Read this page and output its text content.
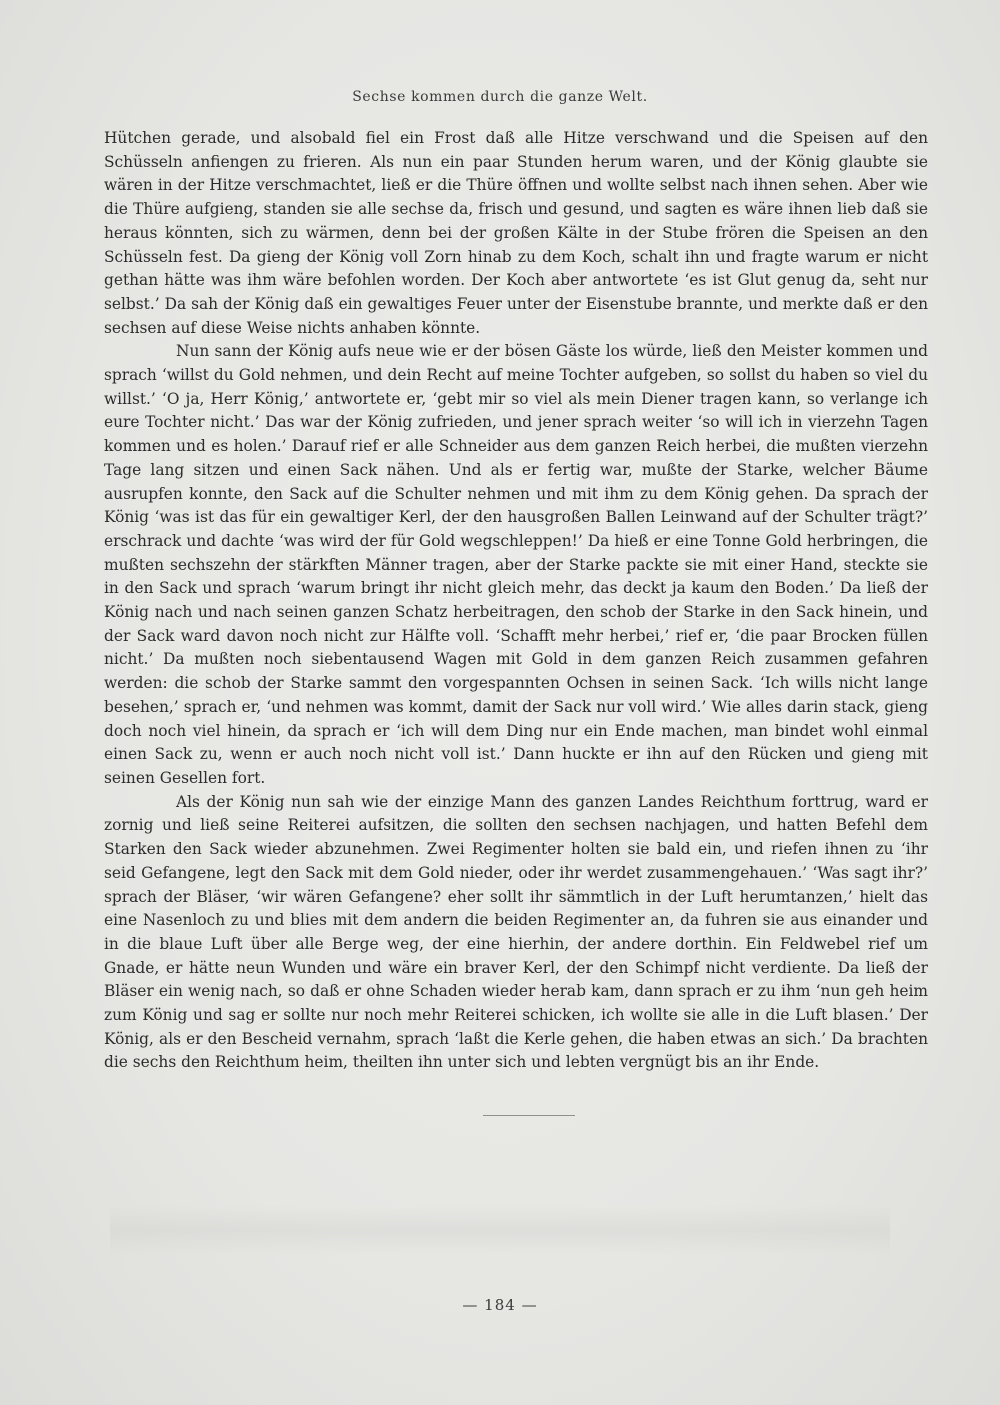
Sechse kommen durch die ganze Welt.

Hütchen gerade, und alsobald fiel ein Frost daß alle Hitze verschwand und die Speisen auf den Schüsseln anfiengen zu frieren. Als nun ein paar Stunden herum waren, und der König glaubte sie wären in der Hitze verschmachtet, ließ er die Thüre öffnen und wollte selbst nach ihnen sehen. Aber wie die Thüre aufgieng, standen sie alle sechse da, frisch und gesund, und sagten es wäre ihnen lieb daß sie heraus könnten, sich zu wärmen, denn bei der großen Kälte in der Stube frören die Speisen an den Schüsseln fest. Da gieng der König voll Zorn hinab zu dem Koch, schalt ihn und fragte warum er nicht gethan hätte was ihm wäre befohlen worden. Der Koch aber antwortete ‘es ist Glut genug da, seht nur selbst.’ Da sah der König daß ein gewaltiges Feuer unter der Eisenstube brannte, und merkte daß er den sechsen auf diese Weise nichts anhaben könnte.

Nun sann der König aufs neue wie er der bösen Gäste los würde, ließ den Meister kommen und sprach ‘willst du Gold nehmen, und dein Recht auf meine Tochter aufgeben, so sollst du haben so viel du willst.’ ‘O ja, Herr König,’ antwortete er, ‘gebt mir so viel als mein Diener tragen kann, so verlange ich eure Tochter nicht.’ Das war der König zufrieden, und jener sprach weiter ‘so will ich in vierzehn Tagen kommen und es holen.’ Darauf rief er alle Schneider aus dem ganzen Reich herbei, die mußten vierzehn Tage lang sitzen und einen Sack nähen. Und als er fertig war, mußte der Starke, welcher Bäume ausrupfen konnte, den Sack auf die Schulter nehmen und mit ihm zu dem König gehen. Da sprach der König ‘was ist das für ein gewaltiger Kerl, der den hausgroßen Ballen Leinwand auf der Schulter trägt?’ erschrack und dachte ‘was wird der für Gold wegschleppen!’ Da hieß er eine Tonne Gold herbringen, die mußten sechszehn der stärkften Männer tragen, aber der Starke packte sie mit einer Hand, steckte sie in den Sack und sprach ‘warum bringt ihr nicht gleich mehr, das deckt ja kaum den Boden.’ Da ließ der König nach und nach seinen ganzen Schatz herbeitragen, den schob der Starke in den Sack hinein, und der Sack ward davon noch nicht zur Hälfte voll. ‘Schafft mehr herbei,’ rief er, ‘die paar Brocken füllen nicht.’ Da mußten noch siebentausend Wagen mit Gold in dem ganzen Reich zusammen gefahren werden: die schob der Starke sammt den vorgespannten Ochsen in seinen Sack. ‘Ich wills nicht lange besehen,’ sprach er, ‘und nehmen was kommt, damit der Sack nur voll wird.’ Wie alles darin stack, gieng doch noch viel hinein, da sprach er ‘ich will dem Ding nur ein Ende machen, man bindet wohl einmal einen Sack zu, wenn er auch noch nicht voll ist.’ Dann huckte er ihn auf den Rücken und gieng mit seinen Gesellen fort.

Als der König nun sah wie der einzige Mann des ganzen Landes Reichthum forttrug, ward er zornig und ließ seine Reiterei aufsitzen, die sollten den sechsen nachjagen, und hatten Befehl dem Starken den Sack wieder abzunehmen. Zwei Regimenter holten sie bald ein, und riefen ihnen zu ‘ihr seid Gefangene, legt den Sack mit dem Gold nieder, oder ihr werdet zusammengehauen.’ ‘Was sagt ihr?’ sprach der Bläser, ‘wir wären Gefangene? eher sollt ihr sämmtlich in der Luft herumtanzen,’ hielt das eine Nasenloch zu und blies mit dem andern die beiden Regimenter an, da fuhren sie aus einander und in die blaue Luft über alle Berge weg, der eine hierhin, der andere dorthin. Ein Feldwebel rief um Gnade, er hätte neun Wunden und wäre ein braver Kerl, der den Schimpf nicht verdiente. Da ließ der Bläser ein wenig nach, so daß er ohne Schaden wieder herab kam, dann sprach er zu ihm ‘nun geh heim zum König und sag er sollte nur noch mehr Reiterei schicken, ich wollte sie alle in die Luft blasen.’ Der König, als er den Bescheid vernahm, sprach ‘laßt die Kerle gehen, die haben etwas an sich.’ Da brachten die sechs den Reichthum heim, theilten ihn unter sich und lebten vergnügt bis an ihr Ende.

— 184 —
